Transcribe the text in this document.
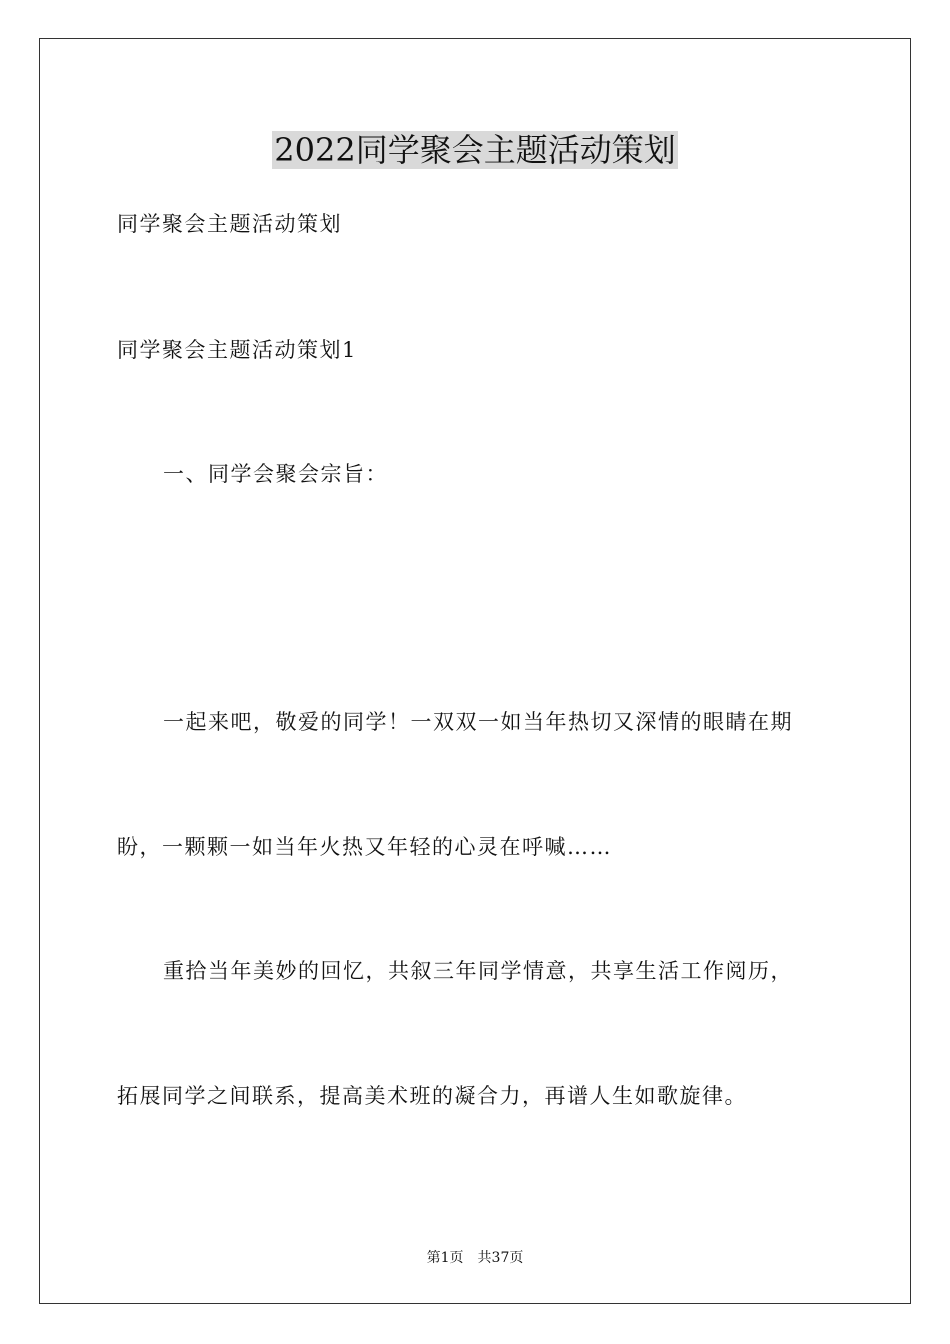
2022同学聚会主题活动策划
同学聚会主题活动策划
同学聚会主题活动策划1
一、同学会聚会宗旨：
一起来吧，敬爱的同学！一双双一如当年热切又深情的眼睛在期
盼，一颗颗一如当年火热又年轻的心灵在呼喊……
重拾当年美妙的回忆，共叙三年同学情意，共享生活工作阅历，
拓展同学之间联系，提高美术班的凝合力，再谱人生如歌旋律。
第1页 共37页
